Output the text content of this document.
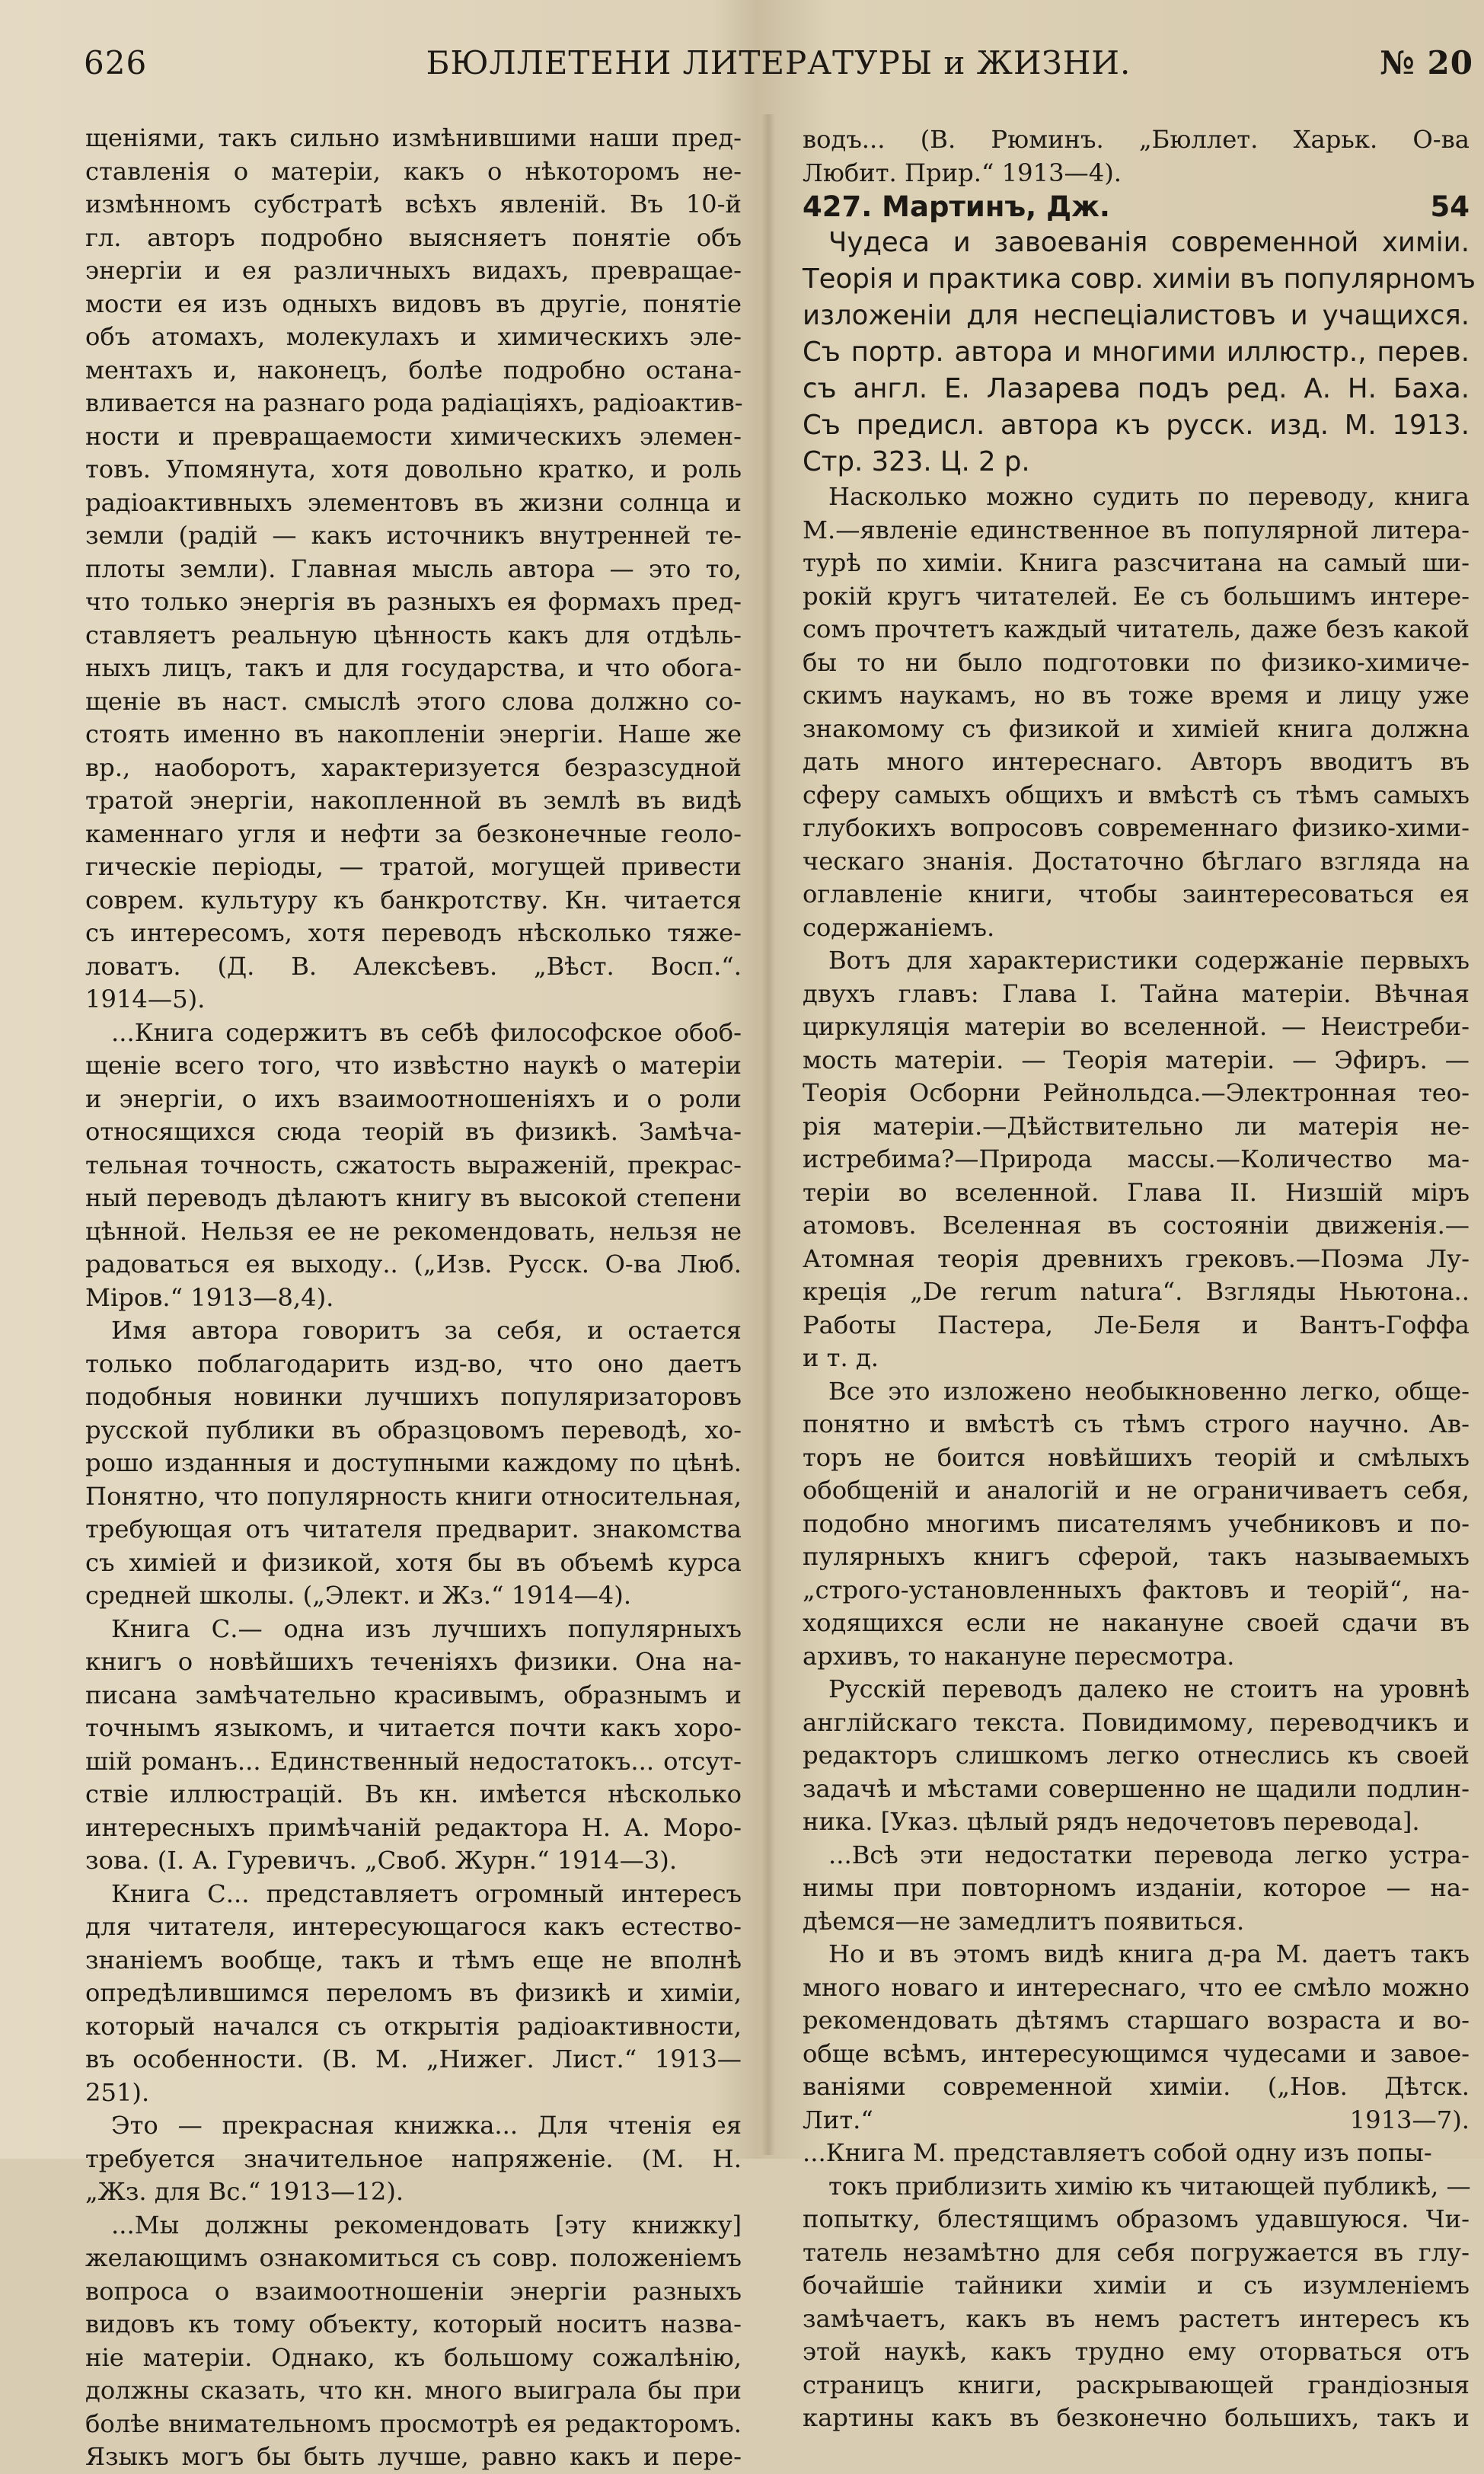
626	БЮЛЛЕТЕНИ ЛИТЕРАТУРЫ и ЖИЗНИ.	№ 20
щеніями, такъ сильно измѣнившими наши пред-
ставленія о матеріи, какъ о нѣкоторомъ не-
измѣнномъ субстратѣ всѣхъ явленій. Въ 10-й
гл. авторъ подробно выясняетъ понятіе объ
энергіи и ея различныхъ видахъ, превращае-
мости ея изъ одныхъ видовъ въ другіе, понятіе
объ атомахъ, молекулахъ и химическихъ эле-
ментахъ и, наконецъ, болѣе подробно остана-
вливается на разнаго рода радіаціяхъ, радіоактив-
ности и превращаемости химическихъ элемен-
товъ. Упомянута, хотя довольно кратко, и роль
радіоактивныхъ элементовъ въ жизни солнца и
земли (радій — какъ источникъ внутренней те-
плоты земли). Главная мысль автора — это то,
что только энергія въ разныхъ ея формахъ пред-
ставляетъ реальную цѣнность какъ для отдѣль-
ныхъ лицъ, такъ и для государства, и что обога-
щеніе въ наст. смыслѣ этого слова должно со-
стоять именно въ накопленіи энергіи. Наше же
вр., наоборотъ, характеризуется безразсудной
тратой энергіи, накопленной въ землѣ въ видѣ
каменнаго угля и нефти за безконечные геоло-
гическіе періоды, — тратой, могущей привести
соврем. культуру къ банкротству. Кн. читается
съ интересомъ, хотя переводъ нѣсколько тяже-
ловатъ. (Д. В. Алексѣевъ. „Вѣст. Восп.“.
1914—5).
...Книга содержитъ въ себѣ философское обоб-
щеніе всего того, что извѣстно наукѣ о матеріи
и энергіи, о ихъ взаимоотношеніяхъ и о роли
относящихся сюда теорій въ физикѣ. Замѣча-
тельная точность, сжатость выраженій, прекрас-
ный переводъ дѣлаютъ книгу въ высокой степени
цѣнной. Нельзя ее не рекомендовать, нельзя не
радоваться ея выходу.. („Изв. Русск. О-ва Люб.
Міров.“ 1913—8,4).
Имя автора говоритъ за себя, и остается
только поблагодарить изд-во, что оно даетъ
подобныя новинки лучшихъ популяризаторовъ
русской публики въ образцовомъ переводѣ, хо-
рошо изданныя и доступными каждому по цѣнѣ.
Понятно, что популярность книги относительная,
требующая отъ читателя предварит. знакомства
съ химіей и физикой, хотя бы въ объемѣ курса
средней школы. („Элект. и Жз.“ 1914—4).
Книга С.— одна изъ лучшихъ популярныхъ
книгъ о новѣйшихъ теченіяхъ физики. Она на-
писана замѣчательно красивымъ, образнымъ и
точнымъ языкомъ, и читается почти какъ хоро-
шій романъ... Единственный недостатокъ... отсут-
ствіе иллюстрацій. Въ кн. имѣется нѣсколько
интересныхъ примѣчаній редактора Н. А. Моро-
зова. (І. А. Гуревичъ. „Своб. Журн.“ 1914—3).
Книга С... представляетъ огромный интересъ
для читателя, интересующагося какъ естество-
знаніемъ вообще, такъ и тѣмъ еще не вполнѣ
опредѣлившимся переломъ въ физикѣ и химіи,
который начался съ открытія радіоактивности,
въ особенности. (В. М. „Нижег. Лист.“ 1913—
251).
Это — прекрасная книжка... Для чтенія ея
требуется значительное напряженіе. (М. Н.
„Жз. для Вс.“ 1913—12).
...Мы должны рекомендовать [эту книжку]
желающимъ ознакомиться съ совр. положеніемъ
вопроса о взаимоотношеніи энергіи разныхъ
видовъ къ тому объекту, который носитъ назва-
ніе матеріи. Однако, къ большому сожалѣнію,
должны сказать, что кн. много выиграла бы при
болѣе внимательномъ просмотрѣ ея редакторомъ.
Языкъ могъ бы быть лучше, равно какъ и пере-
водъ... (В. Рюминъ. „Бюллет. Харьк. О-ва
Любит. Прир.“ 1913—4).
427. Мартинъ, Дж.	54
Чудеса и завоеванія современной химіи.
Теорія и практика совр. химіи въ популярномъ
изложеніи для неспеціалистовъ и учащихся.
Съ портр. автора и многими иллюстр., перев.
съ англ. Е. Лазарева подъ ред. А. Н. Баха.
Съ предисл. автора къ русск. изд. М. 1913.
Стр. 323. Ц. 2 р.
Насколько можно судить по переводу, книга
М.—явленіе единственное въ популярной литера-
турѣ по химіи. Книга разсчитана на самый ши-
рокій кругъ читателей. Ее съ большимъ интере-
сомъ прочтетъ каждый читатель, даже безъ какой
бы то ни было подготовки по физико-химиче-
скимъ наукамъ, но въ тоже время и лицу уже
знакомому съ физикой и химіей книга должна
дать много интереснаго. Авторъ вводитъ въ
сферу самыхъ общихъ и вмѣстѣ съ тѣмъ самыхъ
глубокихъ вопросовъ современнаго физико-хими-
ческаго знанія. Достаточно бѣглаго взгляда на
оглавленіе книги, чтобы заинтересоваться ея
содержаніемъ.
Вотъ для характеристики содержаніе первыхъ
двухъ главъ: Глава I. Тайна матеріи. Вѣчная
циркуляція матеріи во вселенной. — Неистреби-
мость матеріи. — Теорія матеріи. — Эфиръ. —
Теорія Осборни Рейнольдса.—Электронная тео-
рія матеріи.—Дѣйствительно ли матерія не-
истребима?—Природа массы.—Количество ма-
теріи во вселенной. Глава II. Низшій міръ
атомовъ. Вселенная въ состояніи движенія.—
Атомная теорія древнихъ грековъ.—Поэма Лу-
креція „De rerum natura“. Взгляды Ньютона..
Работы Пастера, Ле-Беля и Вантъ-Гоффа
и т. д.
Все это изложено необыкновенно легко, обще-
понятно и вмѣстѣ съ тѣмъ строго научно. Ав-
торъ не боится новѣйшихъ теорій и смѣлыхъ
обобщеній и аналогій и не ограничиваетъ себя,
подобно многимъ писателямъ учебниковъ и по-
пулярныхъ книгъ сферой, такъ называемыхъ
„строго-установленныхъ фактовъ и теорій“, на-
ходящихся если не накануне своей сдачи въ
архивъ, то накануне пересмотра.
Русскій переводъ далеко не стоитъ на уровнѣ
англійскаго текста. Повидимому, переводчикъ и
редакторъ слишкомъ легко отнеслись къ своей
задачѣ и мѣстами совершенно не щадили подлин-
ника. [Указ. цѣлый рядъ недочетовъ перевода].
...Всѣ эти недостатки перевода легко устра-
нимы при повторномъ изданіи, которое — на-
дѣемся—не замедлитъ появиться.
Но и въ этомъ видѣ книга д-ра М. даетъ такъ
много новаго и интереснаго, что ее смѣло можно
рекомендовать дѣтямъ старшаго возраста и во-
обще всѣмъ, интересующимся чудесами и завое-
ваніями современной химіи. („Нов. Дѣтск.
Лит.“ 1913—7).
...Книга М. представляетъ собой одну изъ попы-
токъ приблизить химію къ читающей публикѣ, —
попытку, блестящимъ образомъ удавшуюся. Чи-
татель незамѣтно для себя погружается въ глу-
бочайшіе тайники химіи и съ изумленіемъ
замѣчаетъ, какъ въ немъ растетъ интересъ къ
этой наукѣ, какъ трудно ему оторваться отъ
страницъ книги, раскрывающей грандіозныя
картины какъ въ безконечно большихъ, такъ и
